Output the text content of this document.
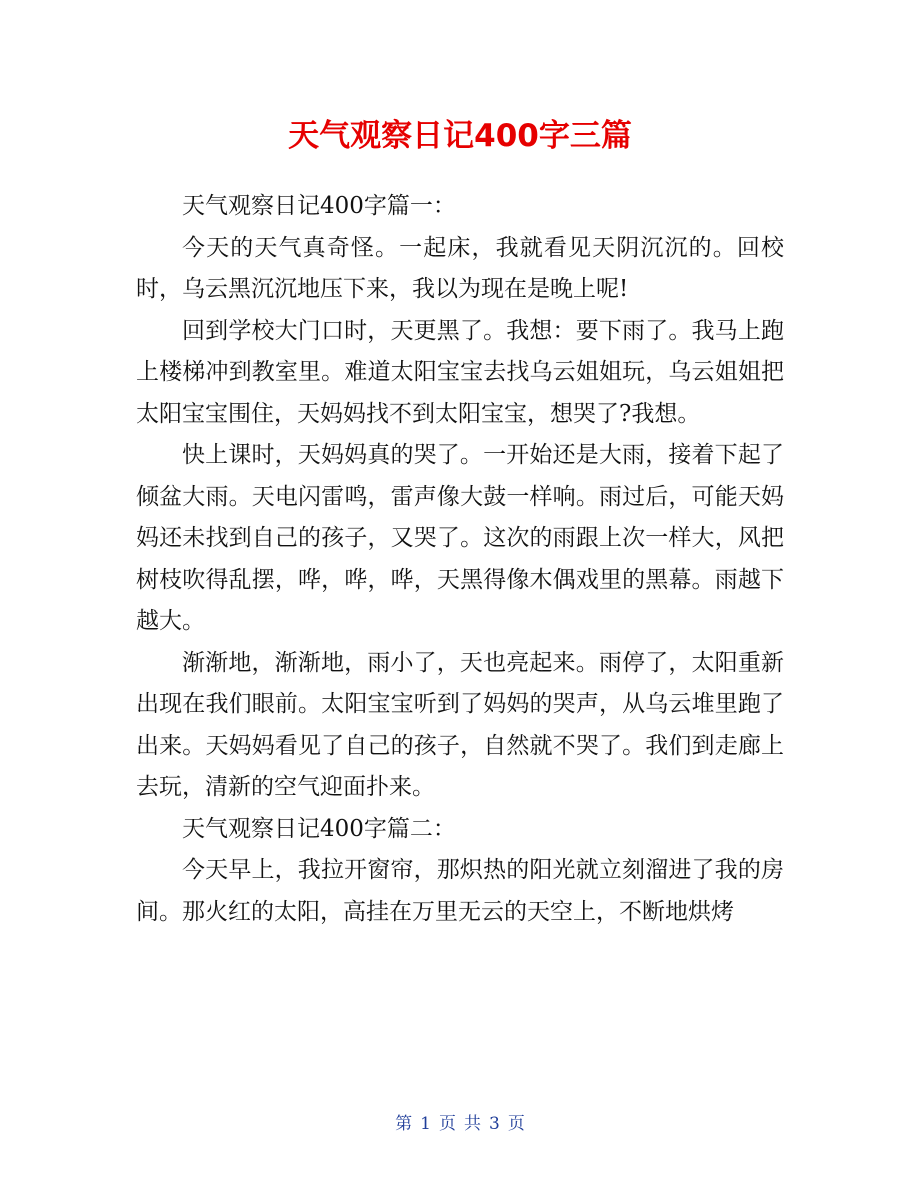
天气观察日记400字三篇

天气观察日记400字篇一：

今天的天气真奇怪。一起床，我就看见天阴沉沉的。回校时，乌云黑沉沉地压下来，我以为现在是晚上呢!

回到学校大门口时，天更黑了。我想：要下雨了。我马上跑上楼梯冲到教室里。难道太阳宝宝去找乌云姐姐玩，乌云姐姐把太阳宝宝围住，天妈妈找不到太阳宝宝，想哭了?我想。

快上课时，天妈妈真的哭了。一开始还是大雨，接着下起了倾盆大雨。天电闪雷鸣，雷声像大鼓一样响。雨过后，可能天妈妈还未找到自己的孩子，又哭了。这次的雨跟上次一样大，风把树枝吹得乱摆，哗，哗，哗，天黑得像木偶戏里的黑幕。雨越下越大。

渐渐地，渐渐地，雨小了，天也亮起来。雨停了，太阳重新出现在我们眼前。太阳宝宝听到了妈妈的哭声，从乌云堆里跑了出来。天妈妈看见了自己的孩子，自然就不哭了。我们到走廊上去玩，清新的空气迎面扑来。

天气观察日记400字篇二：

今天早上，我拉开窗帘，那炽热的阳光就立刻溜进了我的房间。那火红的太阳，高挂在万里无云的天空上，不断地烘烤

第 1 页 共 3 页
